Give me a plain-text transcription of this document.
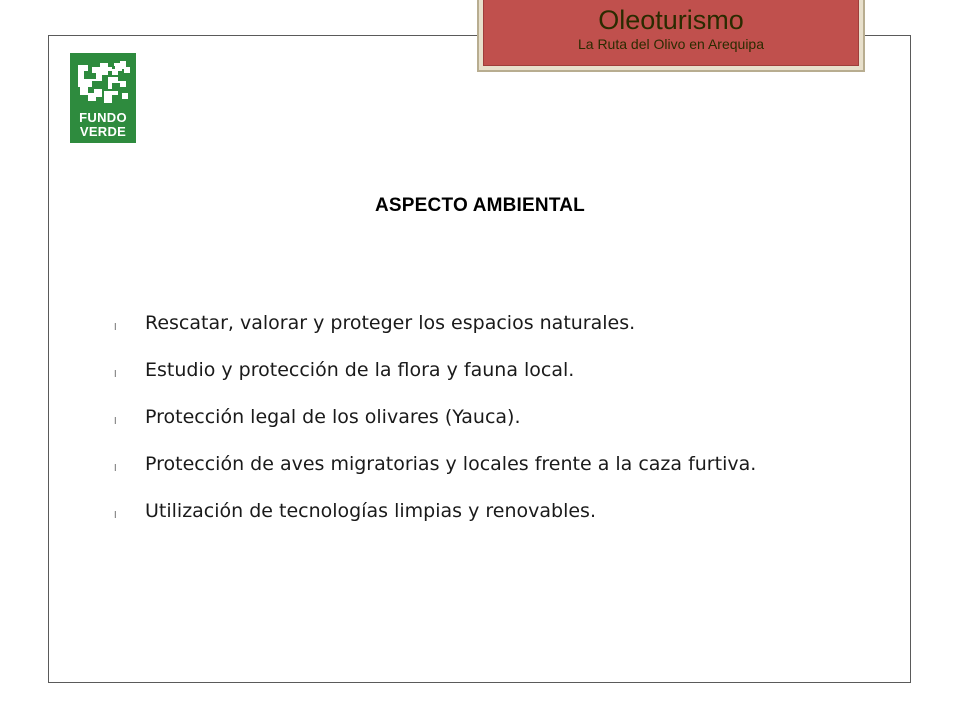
Oleoturismo
La Ruta del Olivo en Arequipa
FUNDO
VERDE
ASPECTO AMBIENTAL
l Rescatar, valorar y proteger los espacios naturales.
l Estudio y protección de la flora y fauna local.
l Protección legal de los olivares (Yauca).
l Protección de aves migratorias y locales frente a la caza furtiva.
l Utilización de tecnologías limpias y renovables.
